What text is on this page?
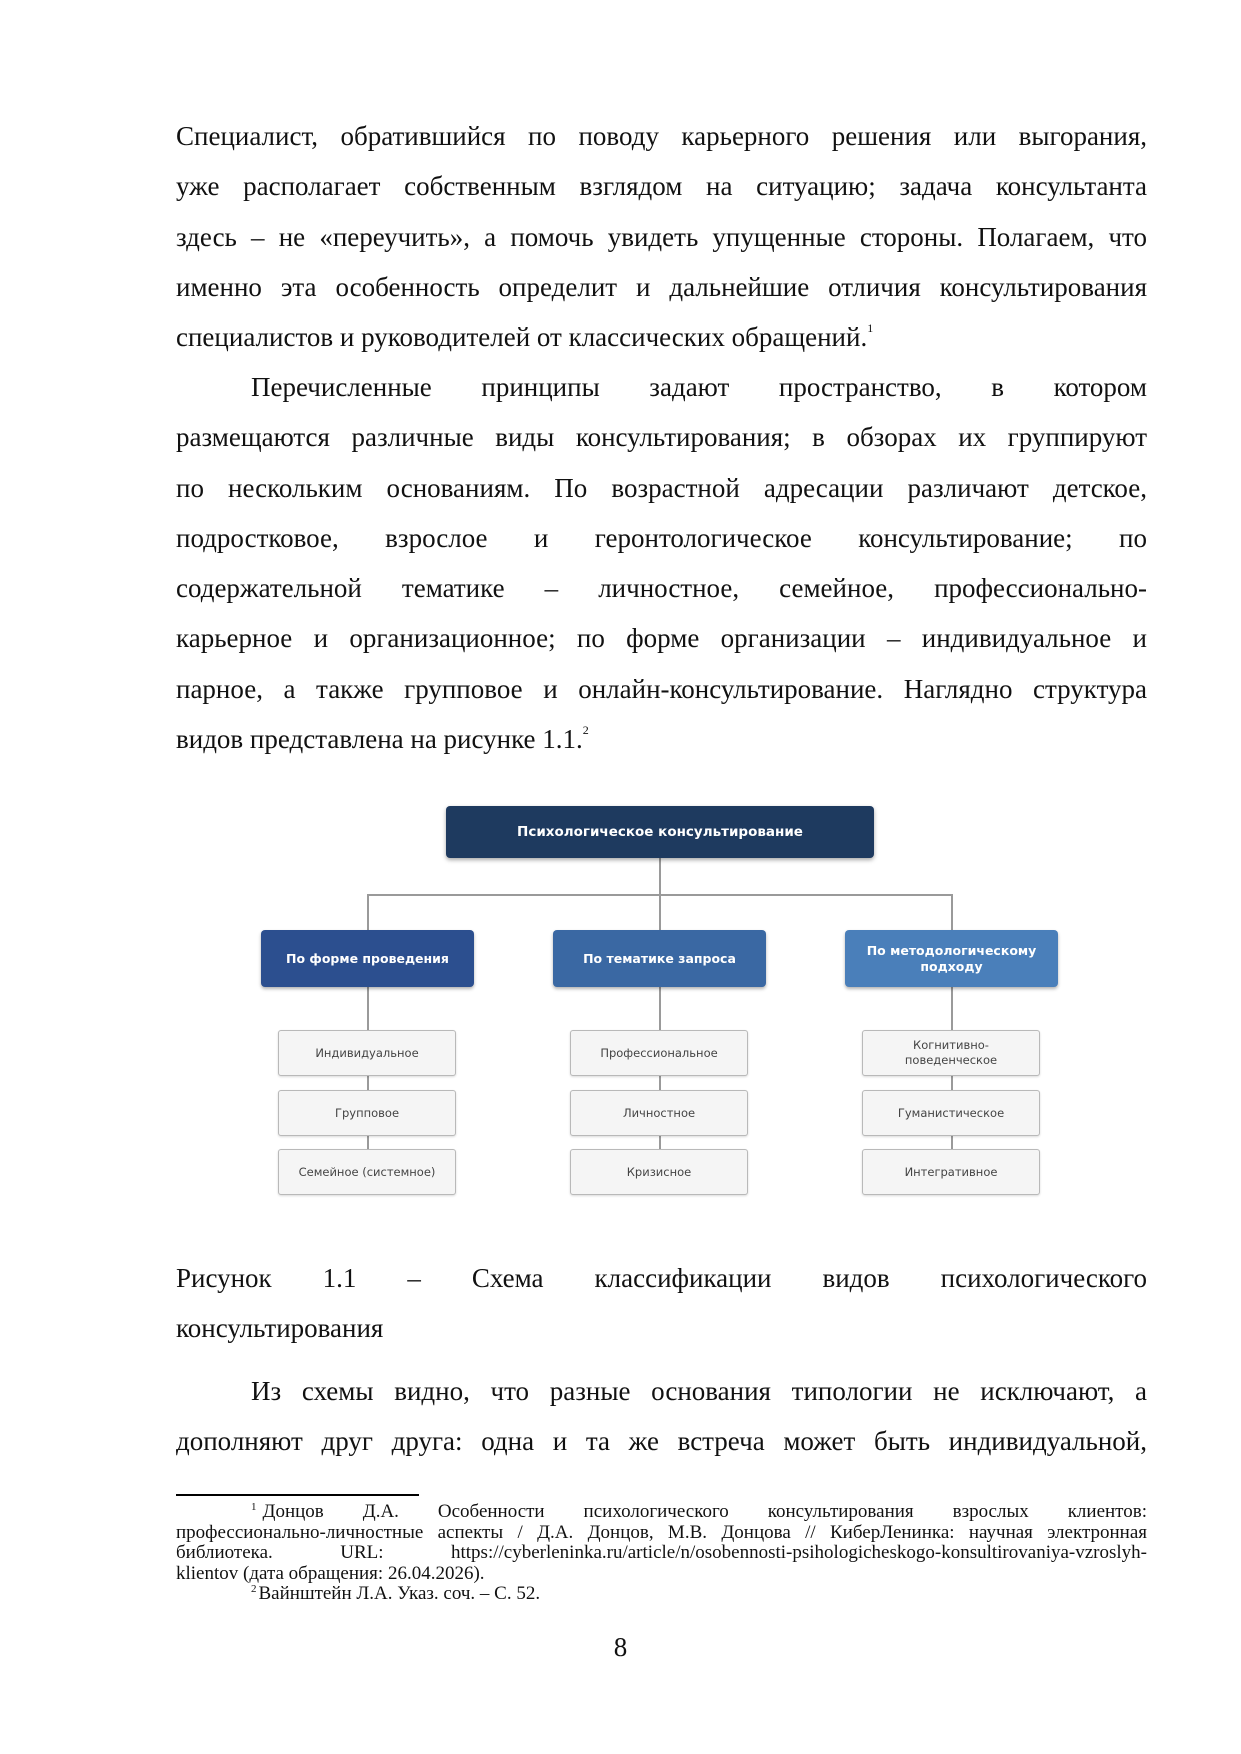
Специалист, обратившийся по поводу карьерного решения или выгорания,
уже располагает собственным взглядом на ситуацию; задача консультанта
здесь – не «переучить», а помочь увидеть упущенные стороны. Полагаем, что
именно эта особенность определит и дальнейшие отличия консультирования
специалистов и руководителей от классических обращений.$^1$
Перечисленные принципы задают пространство, в котором
размещаются различные виды консультирования; в обзорах их группируют
по нескольким основаниям. По возрастной адресации различают детское,
подростковое, взрослое и геронтологическое консультирование; по
содержательной тематике – личностное, семейное, профессионально-
карьерное и организационное; по форме организации – индивидуальное и
парное, а также групповое и онлайн-консультирование. Наглядно структура
видов представлена на рисунке 1.1.$^2$
Психологическое консультирование
По форме проведения	По тематике запроса
По методологическому подходу
Индивидуальное
Групповое
Семейное (системное)
Профессиональное
Личностное
Кризисное
Когнитивно-поведенческое
Гуманистическое
Интегративное
Рисунок 1.1 – Схема классификации видов психологического
консультирования
Из схемы видно, что разные основания типологии не исключают, а
дополняют друг друга: одна и та же встреча может быть индивидуальной,
$^1$ Донцов Д.А. Особенности психологического консультирования взрослых клиентов:
профессионально-личностные аспекты / Д.А. Донцов, М.В. Донцова // КиберЛенинка: научная электронная
библиотека. URL: https://cyberleninka.ru/article/n/osobennosti-psihologicheskogo-konsultirovaniya-vzroslyh-
klientov (дата обращения: 26.04.2026).
$^2$ Вайнштейн Л.А. Указ. соч. – С. 52.
8
